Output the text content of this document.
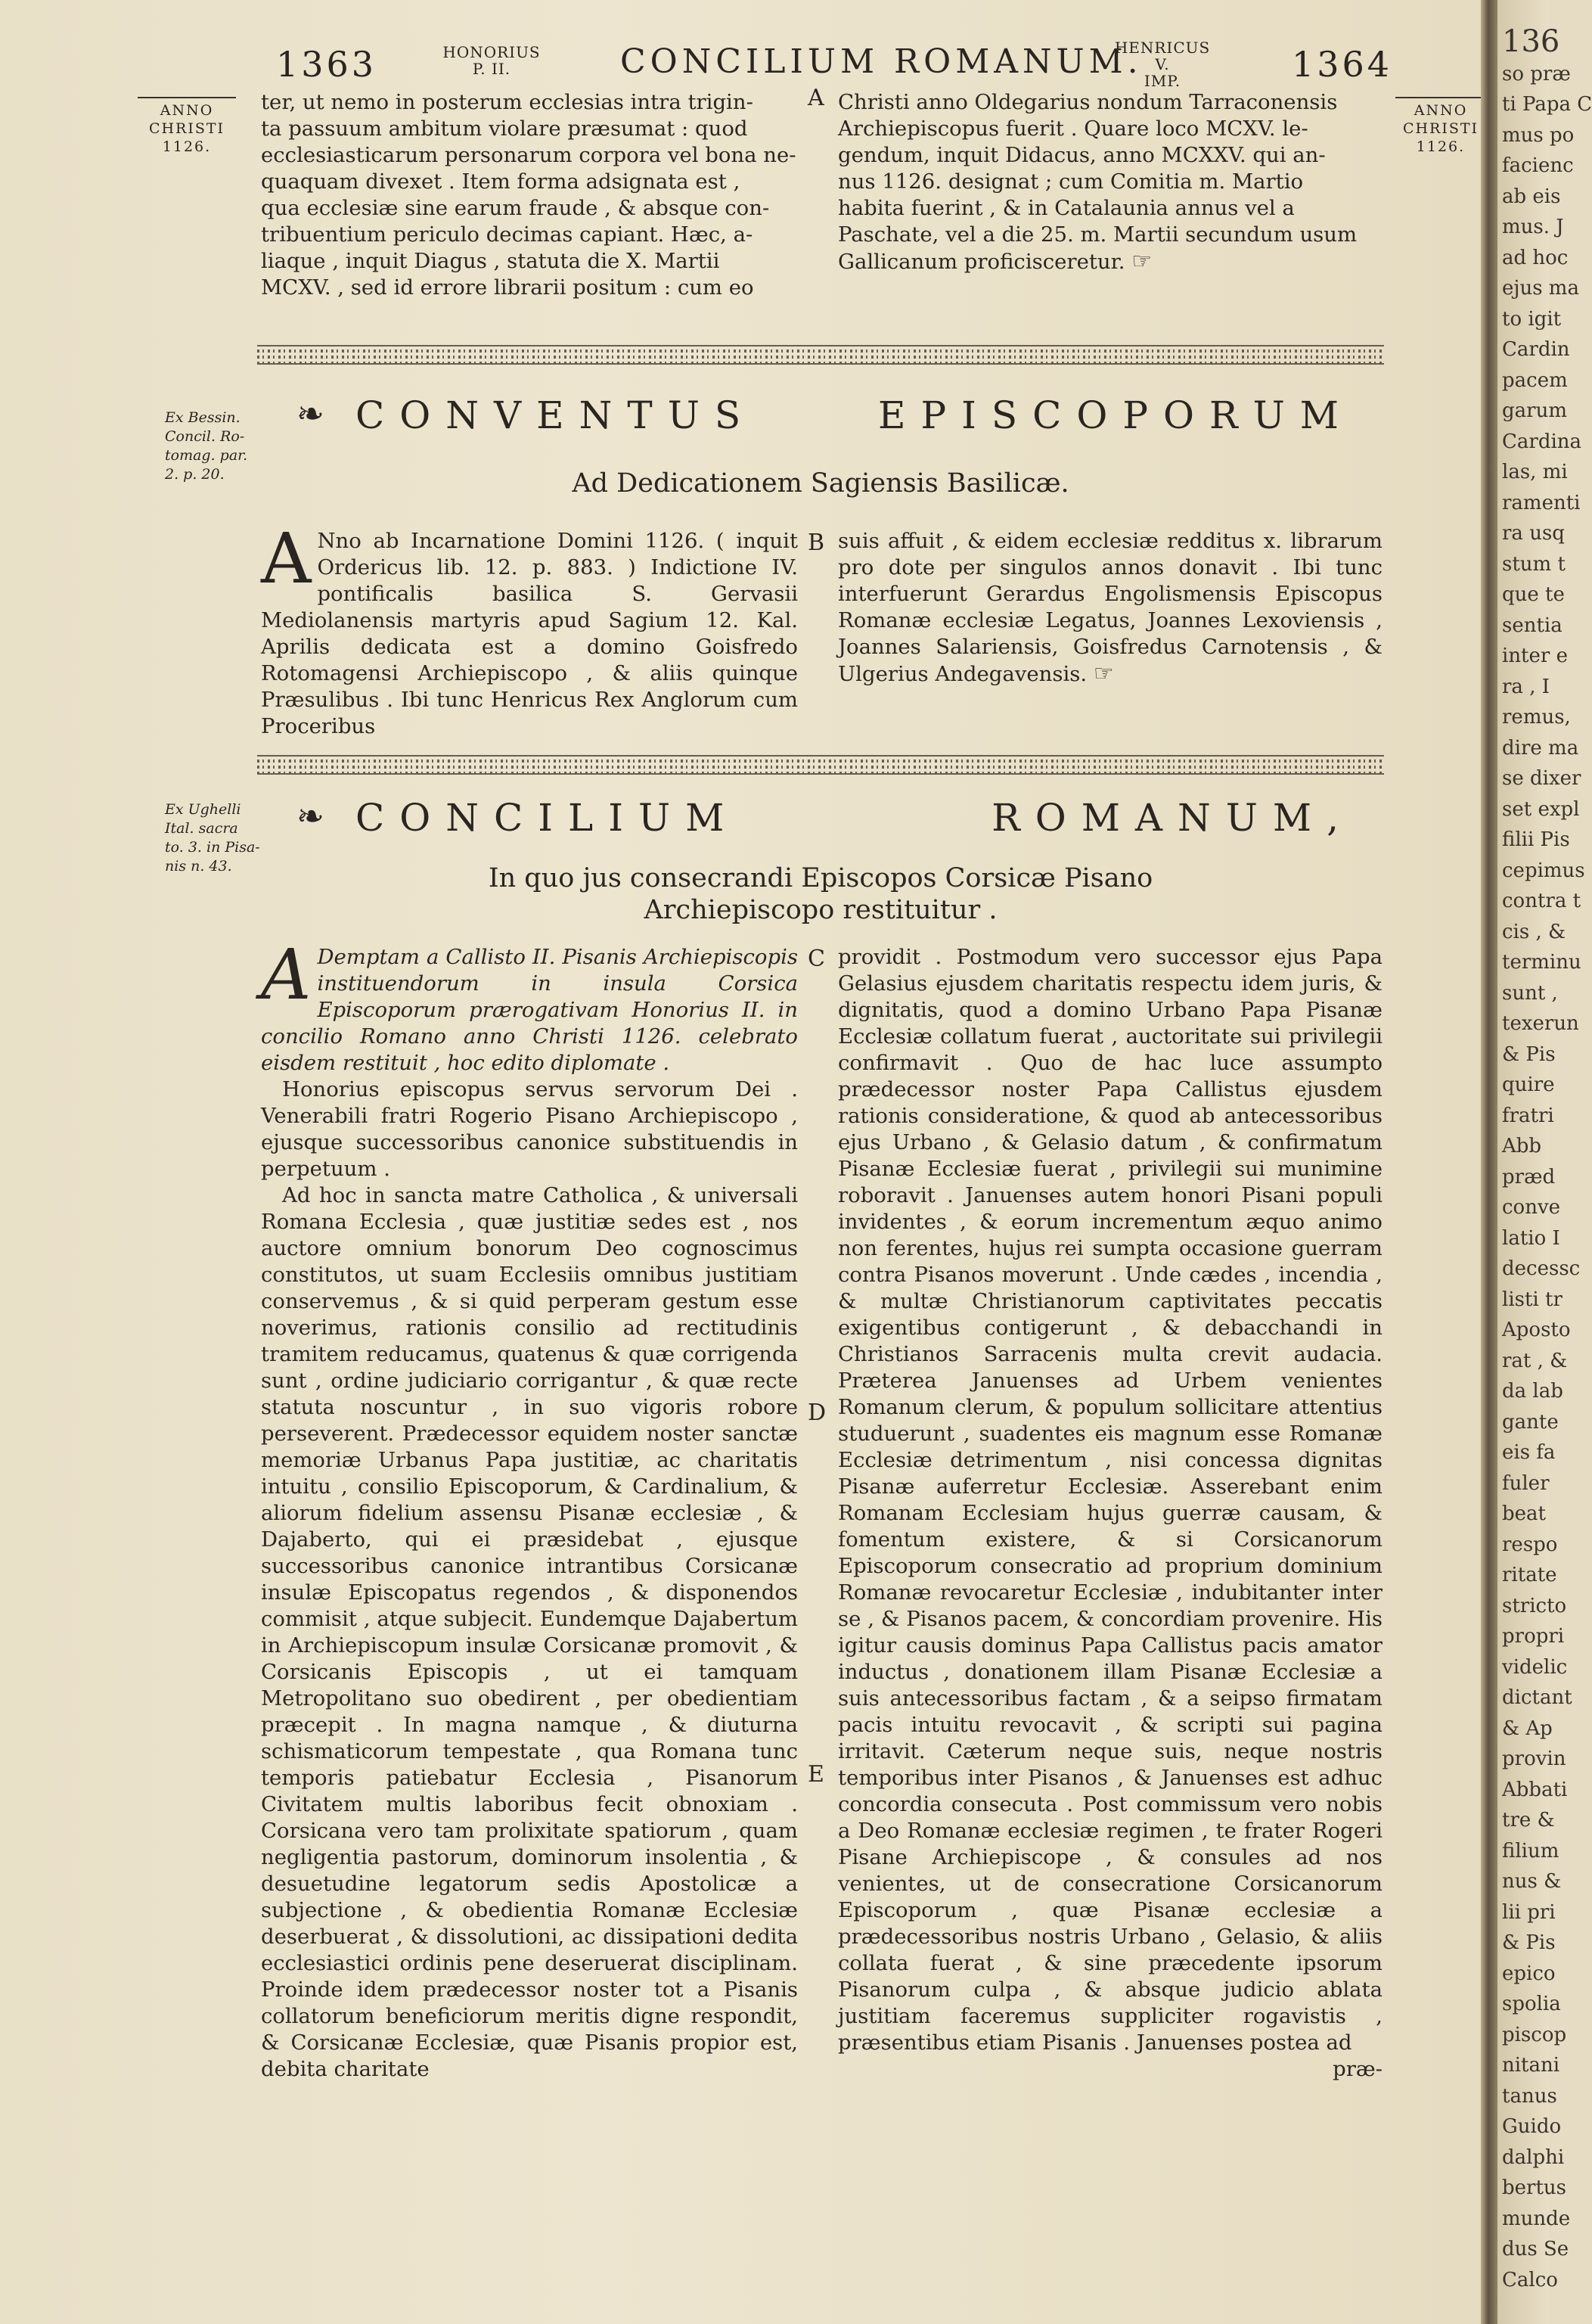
1363	HONORIUS
P. II.	CONCILIUM ROMANUM.
HENRICUS V.
IMP.	1364
ANNO
CHRISTI
1126.
ANNO
CHRISTI
1126.
ter, ut nemo in posterum ecclesias intra trigin-
ta passuum ambitum violare præsumat : quod
ecclesiasticarum personarum corpora vel bona ne-
quaquam divexet . Item forma adsignata est ,
qua ecclesiæ sine earum fraude , & absque con-
tribuentium periculo decimas capiant. Hæc, a-
liaque , inquit Diagus , statuta die X. Martii
MCXV. , sed id errore librarii positum : cum eo
A Christi anno Oldegarius nondum Tarraconensis
Archiepiscopus fuerit . Quare loco MCXV. le-
gendum, inquit Didacus, anno MCXXV. qui an-
nus 1126. designat ; cum Comitia m. Martio
habita fuerint , & in Catalaunia annus vel a
Paschate, vel a die 25. m. Martii secundum usum
Gallicanum proficisceretur. ☞
Ex Bessin.
Concil. Ro-
tomag. par.
2. p. 20.
❧ CONVENTUS	EPISCOPORUM
Ad Dedicationem Sagiensis Basilicæ.
A Nno ab Incarnatione Domini 1126. ( inquit Ordericus lib. 12. p. 883. ) Indictione IV. pontificalis basilica S. Gervasii Mediolanensis martyris apud Sagium 12. Kal. Aprilis dedicata est a domino Goisfredo Rotomagensi Archiepiscopo , & aliis quinque Præsulibus . Ibi tunc Henricus Rex Anglorum cum Proceribus
B suis affuit , & eidem ecclesiæ redditus x. librarum pro dote per singulos annos donavit . Ibi tunc interfuerunt Gerardus Engolismensis Episcopus Romanæ ecclesiæ Legatus, Joannes Lexoviensis , Joannes Salariensis, Goisfredus Carnotensis , & Ulgerius Andegavensis. ☞
Ex Ughelli
Ital. sacra
to. 3. in Pisa-
nis n. 43.
❧ CONCILIUM	ROMANUM,
In quo jus consecrandi Episcopos Corsicæ Pisano
Archiepiscopo restituitur .

A Demptam a Callisto II. Pisanis Archiepiscopis instituendorum in insula Corsica Episcoporum prærogativam Honorius II. in concilio Romano anno Christi 1126. celebrato eisdem restituit , hoc edito diplomate .

Honorius episcopus servus servorum Dei . Venerabili fratri Rogerio Pisano Archiepiscopo , ejusque successoribus canonice substituendis in perpetuum .

Ad hoc in sancta matre Catholica , & universali Romana Ecclesia , quæ justitiæ sedes est , nos auctore omnium bonorum Deo cognoscimus constitutos, ut suam Ecclesiis omnibus justitiam conservemus , & si quid perperam gestum esse noverimus, rationis consilio ad rectitudinis tramitem reducamus, quatenus & quæ corrigenda sunt , ordine judiciario corrigantur , & quæ recte statuta noscuntur , in suo vigoris robore perseverent. Prædecessor equidem noster sanctæ memoriæ Urbanus Papa justitiæ, ac charitatis intuitu , consilio Episcoporum, & Cardinalium, & aliorum fidelium assensu Pisanæ ecclesiæ , & Dajaberto, qui ei præsidebat , ejusque successoribus canonice intrantibus Corsicanæ insulæ Episcopatus regendos , & disponendos commisit , atque subjecit. Eundemque Dajabertum in Archiepiscopum insulæ Corsicanæ promovit , & Corsicanis Episcopis , ut ei tamquam Metropolitano suo obedirent , per obedientiam præcepit . In magna namque , & diuturna schismaticorum tempestate , qua Romana tunc temporis patiebatur Ecclesia , Pisanorum Civitatem multis laboribus fecit obnoxiam . Corsicana vero tam prolixitate spatiorum , quam negligentia pastorum, dominorum insolentia , & desuetudine legatorum sedis Apostolicæ a subjectione , & obedientia Romanæ Ecclesiæ deserbuerat , & dissolutioni, ac dissipationi dedita ecclesiastici ordinis pene deseruerat disciplinam. Proinde idem prædecessor noster tot a Pisanis collatorum beneficiorum meritis digne respondit, & Corsicanæ Ecclesiæ, quæ Pisanis propior est, debita charitate

C
D
E
providit . Postmodum vero successor ejus Papa Gelasius ejusdem charitatis respectu idem juris, & dignitatis, quod a domino Urbano Papa Pisanæ Ecclesiæ collatum fuerat , auctoritate sui privilegii confirmavit . Quo de hac luce assumpto prædecessor noster Papa Callistus ejusdem rationis consideratione, & quod ab antecessoribus ejus Urbano , & Gelasio datum , & confirmatum Pisanæ Ecclesiæ fuerat , privilegii sui munimine roboravit . Januenses autem honori Pisani populi invidentes , & eorum incrementum æquo animo non ferentes, hujus rei sumpta occasione guerram contra Pisanos moverunt . Unde cædes , incendia , & multæ Christianorum captivitates peccatis exigentibus contigerunt , & debacchandi in Christianos Sarracenis multa crevit audacia. Præterea Januenses ad Urbem venientes Romanum clerum, & populum sollicitare attentius studuerunt , suadentes eis magnum esse Romanæ Ecclesiæ detrimentum , nisi concessa dignitas Pisanæ auferretur Ecclesiæ. Asserebant enim Romanam Ecclesiam hujus guerræ causam, & fomentum existere, & si Corsicanorum Episcoporum consecratio ad proprium dominium Romanæ revocaretur Ecclesiæ , indubitanter inter se , & Pisanos pacem, & concordiam provenire. His igitur causis dominus Papa Callistus pacis amator inductus , donationem illam Pisanæ Ecclesiæ a suis antecessoribus factam , & a seipso firmatam pacis intuitu revocavit , & scripti sui pagina irritavit. Cæterum neque suis, neque nostris temporibus inter Pisanos , & Januenses est adhuc concordia consecuta . Post commissum vero nobis a Deo Romanæ ecclesiæ regimen , te frater Rogeri Pisane Archiepiscope , & consules ad nos venientes, ut de consecratione Corsicanorum Episcoporum , quæ Pisanæ ecclesiæ a prædecessoribus nostris Urbano , Gelasio, & aliis collata fuerat , & sine præcedente ipsorum Pisanorum culpa , & absque judicio ablata justitiam faceremus suppliciter rogavistis , præsentibus etiam Pisanis . Januenses postea ad
præ-
136
so præ
ti Papa C
mus po
facienc
ab eis
mus. J
ad hoc
ejus ma
to igit
Cardin
pacem
garum
Cardina
las, mi
ramenti
ra usq
stum t
que te
sentia
inter e
ra , I
remus,
dire ma
se dixer
set expl
filii Pis
cepimus
contra t
cis , &
terminu
sunt ,
texerun
& Pis
quire
fratri
Abb
præd
conve
latio I
decessc
listi tr
Aposto
rat , &
da lab
gante
eis fa
fuler
beat
respo
ritate
stricto
propri
videlic
dictant
& Ap
provin
Abbati
tre &
filium
nus &
lii pri
& Pis
epico
spolia
piscop
nitani
tanus
Guido
dalphi
bertus
munde
dus Se
Calco
